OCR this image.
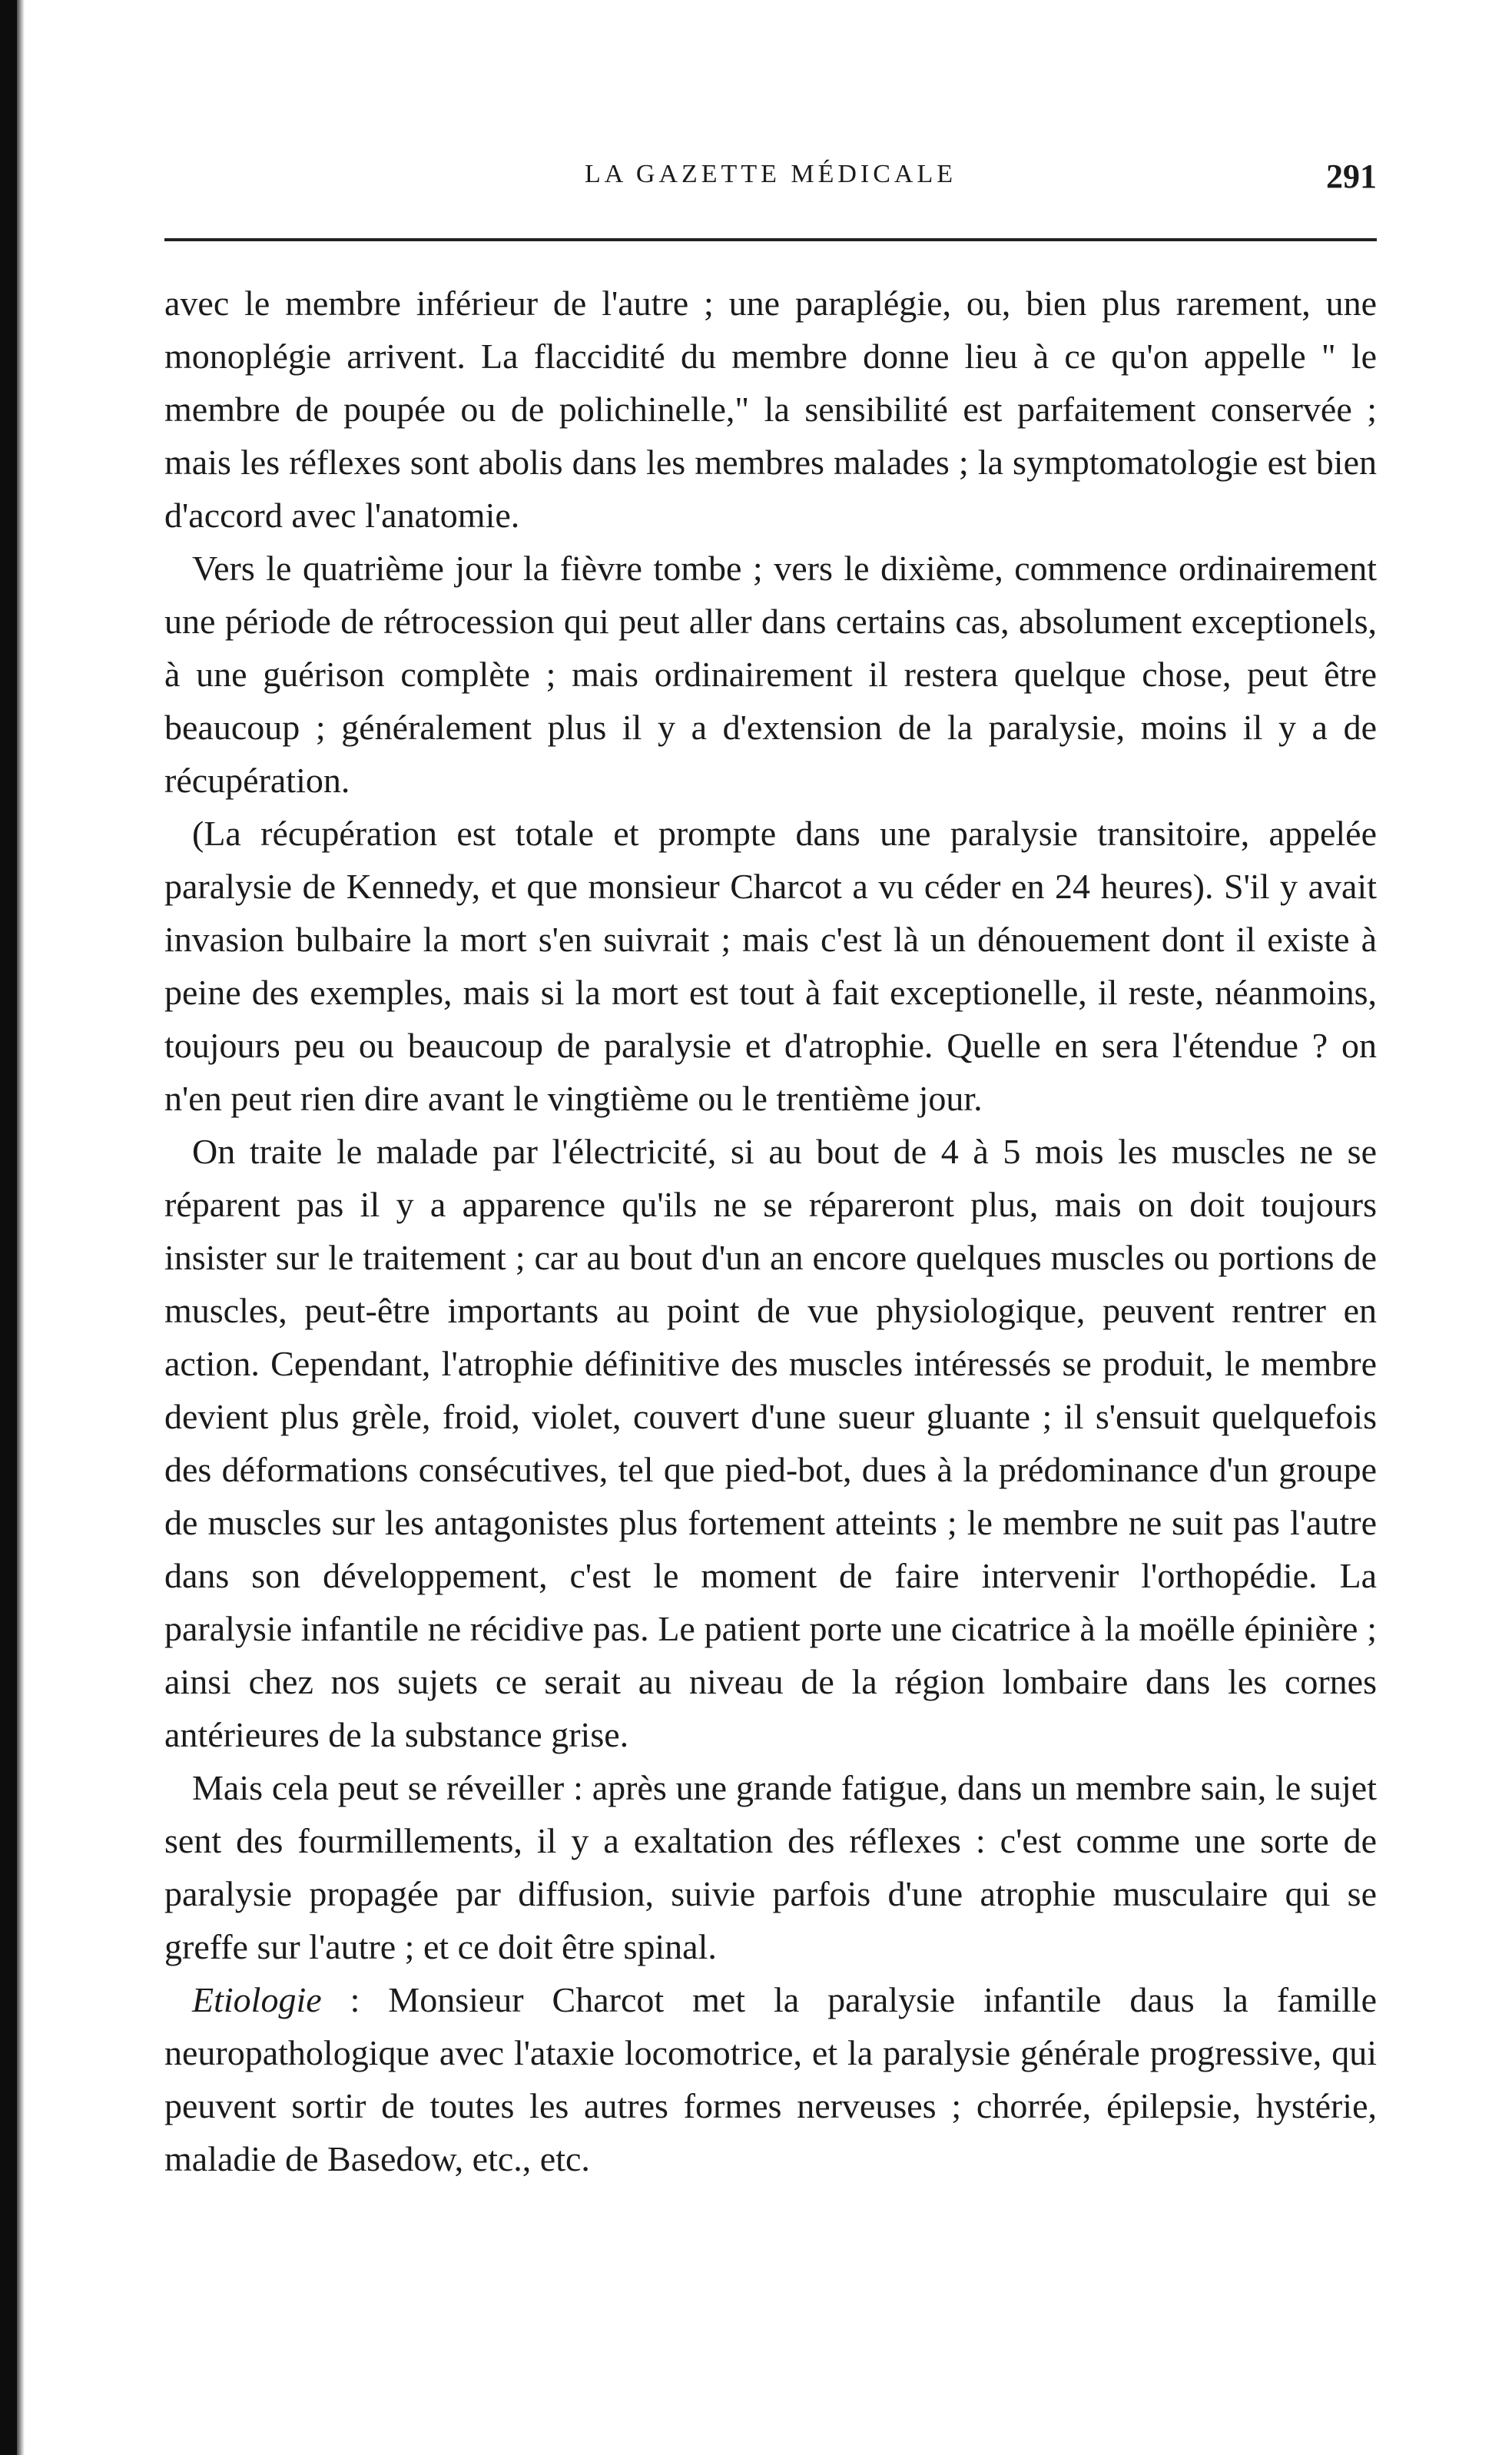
LA GAZETTE MÉDICALE	291

avec le membre inférieur de l'autre ; une paraplégie, ou, bien plus rarement, une monoplégie arrivent. La flaccidité du membre donne lieu à ce qu'on appelle " le membre de poupée ou de polichinelle," la sensibilité est parfaitement conservée ; mais les réflexes sont abolis dans les membres malades ; la symptomatologie est bien d'accord avec l'anatomie.

Vers le quatrième jour la fièvre tombe ; vers le dixième, commence ordinairement une période de rétrocession qui peut aller dans certains cas, absolument exceptionels, à une guérison complète ; mais ordinairement il restera quelque chose, peut être beaucoup ; généralement plus il y a d'extension de la paralysie, moins il y a de récupération.

(La récupération est totale et prompte dans une paralysie transitoire, appelée paralysie de Kennedy, et que monsieur Charcot a vu céder en 24 heures). S'il y avait invasion bulbaire la mort s'en suivrait ; mais c'est là un dénouement dont il existe à peine des exemples, mais si la mort est tout à fait exceptionelle, il reste, néanmoins, toujours peu ou beaucoup de paralysie et d'atrophie. Quelle en sera l'étendue ? on n'en peut rien dire avant le vingtième ou le trentième jour.

On traite le malade par l'électricité, si au bout de 4 à 5 mois les muscles ne se réparent pas il y a apparence qu'ils ne se répareront plus, mais on doit toujours insister sur le traitement ; car au bout d'un an encore quelques muscles ou portions de muscles, peut-être importants au point de vue physiologique, peuvent rentrer en action. Cependant, l'atrophie définitive des muscles intéressés se produit, le membre devient plus grèle, froid, violet, couvert d'une sueur gluante ; il s'ensuit quelquefois des déformations consécutives, tel que pied-bot, dues à la prédominance d'un groupe de muscles sur les antagonistes plus fortement atteints ; le membre ne suit pas l'autre dans son développement, c'est le moment de faire intervenir l'orthopédie. La paralysie infantile ne récidive pas. Le patient porte une cicatrice à la moëlle épinière ; ainsi chez nos sujets ce serait au niveau de la région lombaire dans les cornes antérieures de la substance grise.

Mais cela peut se réveiller : après une grande fatigue, dans un membre sain, le sujet sent des fourmillements, il y a exaltation des réflexes : c'est comme une sorte de paralysie propagée par diffusion, suivie parfois d'une atrophie musculaire qui se greffe sur l'autre ; et ce doit être spinal.

Etiologie : Monsieur Charcot met la paralysie infantile daus la famille neuropathologique avec l'ataxie locomotrice, et la paralysie générale progressive, qui peuvent sortir de toutes les autres formes nerveuses ; chorrée, épilepsie, hystérie, maladie de Basedow, etc., etc.
